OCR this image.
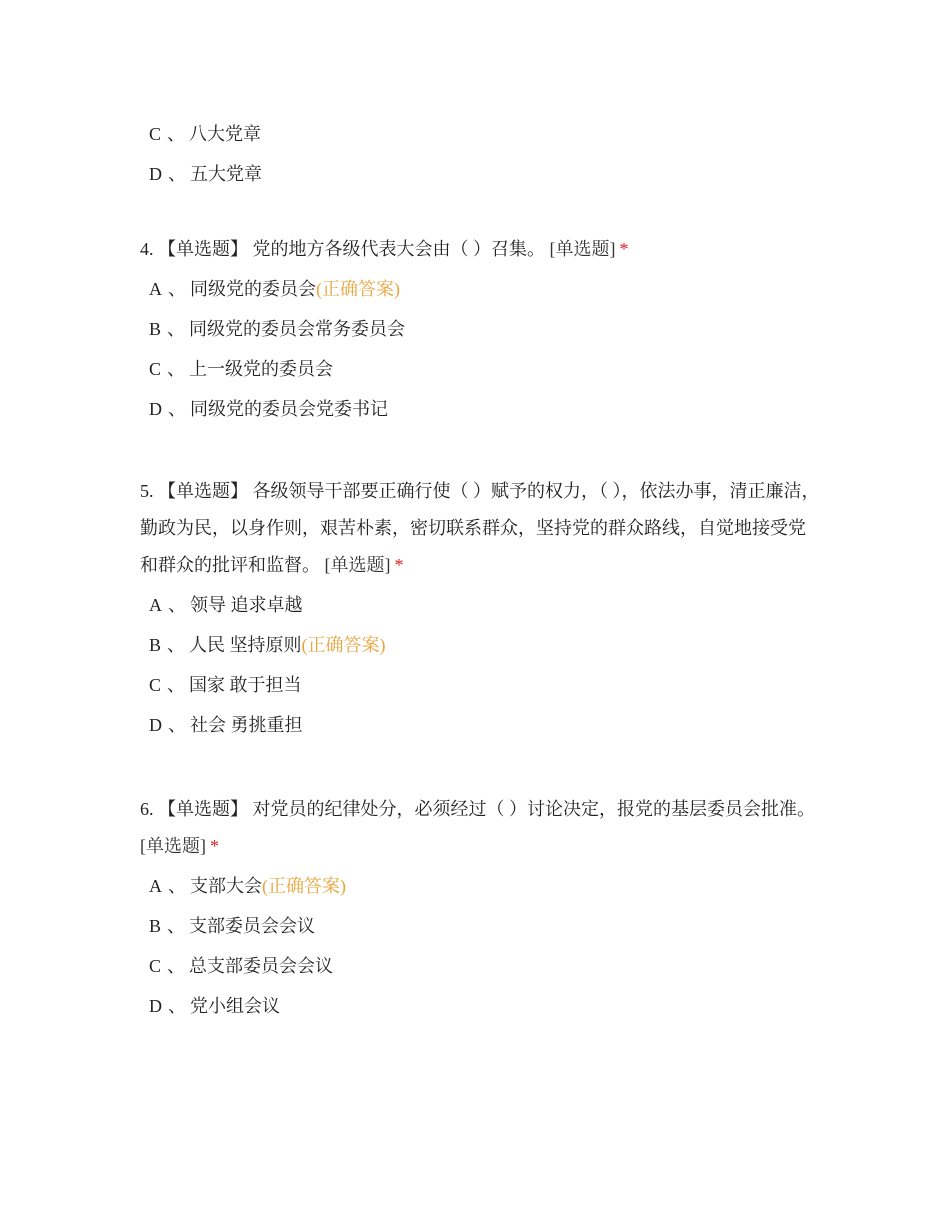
C 、 八大党章
D 、 五大党章

4. 【单选题】 党的地方各级代表大会由（ ）召集。 [单选题] *

A 、 同级党的委员会(正确答案)
B 、 同级党的委员会常务委员会
C 、 上一级党的委员会
D 、 同级党的委员会党委书记

5. 【单选题】 各级领导干部要正确行使（ ）赋予的权力，（ ），依法办事，清正廉洁，勤政为民，以身作则，艰苦朴素，密切联系群众，坚持党的群众路线，自觉地接受党和群众的批评和监督。 [单选题] *

A 、 领导 追求卓越
B 、 人民 坚持原则(正确答案)
C 、 国家 敢于担当
D 、 社会 勇挑重担

6. 【单选题】 对党员的纪律处分，必须经过（ ）讨论决定，报党的基层委员会批准。 [单选题] *

A 、 支部大会(正确答案)
B 、 支部委员会会议
C 、 总支部委员会会议
D 、 党小组会议
